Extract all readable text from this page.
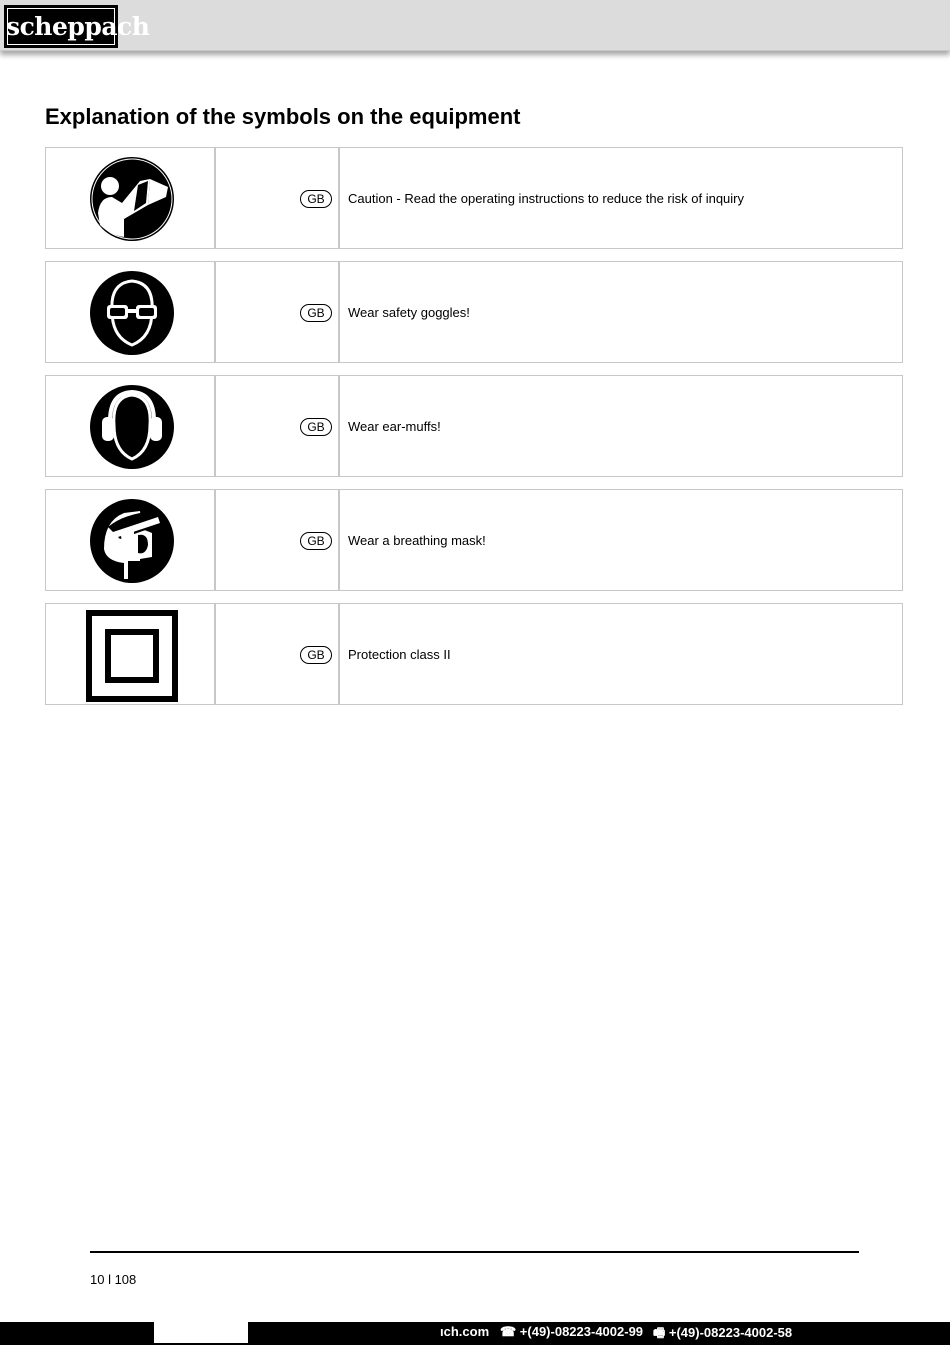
scheppach
Explanation of the symbols on the equipment
GB	Caution - Read the operating instructions to reduce the risk of inquiry
GB	Wear safety goggles!
GB	Wear ear-muffs!
GB	Wear a breathing mask!
GB	Protection class II
10 l 108
ıch.com ☎ +(49)-08223-4002-99 🖷 +(49)-08223-4002-58
